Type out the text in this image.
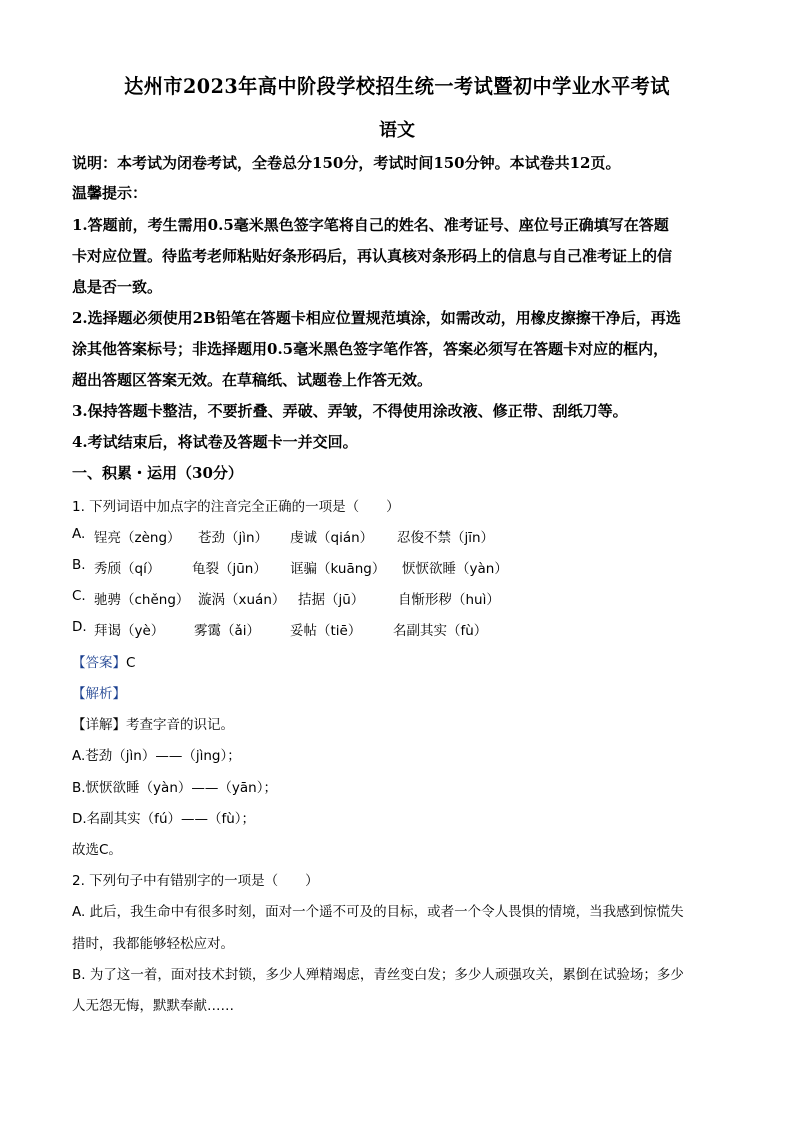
达州市2023年高中阶段学校招生统一考试暨初中学业水平考试
语文
说明：本考试为闭卷考试，全卷总分150分，考试时间150分钟。本试卷共12页。
温馨提示：
1.答题前，考生需用0.5毫米黑色签字笔将自己的姓名、准考证号、座位号正确填写在答题
卡对应位置。待监考老师粘贴好条形码后，再认真核对条形码上的信息与自己准考证上的信
息是否一致。
2.选择题必须使用2B铅笔在答题卡相应位置规范填涂，如需改动，用橡皮擦擦干净后，再选
涂其他答案标号；非选择题用0.5毫米黑色签字笔作答，答案必须写在答题卡对应的框内，
超出答题区答案无效。在草稿纸、试题卷上作答无效。
3.保持答题卡整洁，不要折叠、弄破、弄皱，不得使用涂改液、修正带、刮纸刀等。
4.考试结束后，将试卷及答题卡一并交回。
一、积累・运用（30分）
1. 下列词语中加点字的注音完全正确的一项是（　　）
A. 锃亮（zèng） 苍劲（jìn） 虔诚（qián） 忍俊不禁（jīn）
B. 秀颀（qí） 龟裂（jūn） 诓骗（kuāng） 恹恹欲睡（yàn）
C. 驰骋（chěng） 漩涡（xuán） 拮据（jū） 自惭形秽（huì）
D. 拜谒（yè） 雾霭（ǎi） 妥帖（tiē） 名副其实（fù）
【答案】C
【解析】
【详解】考查字音的识记。
A.苍劲（jìn）——（jìng）；
B.恹恹欲睡（yàn）——（yān）；
D.名副其实（fú）——（fù）；
故选C。
2. 下列句子中有错别字的一项是（　　）
A. 此后，我生命中有很多时刻，面对一个遥不可及的目标，或者一个令人畏惧的情境，当我感到惊慌失
措时，我都能够轻松应对。
B. 为了这一着，面对技术封锁，多少人殚精竭虑，青丝变白发；多少人顽强攻关，累倒在试验场；多少
人无怨无悔，默默奉献……
